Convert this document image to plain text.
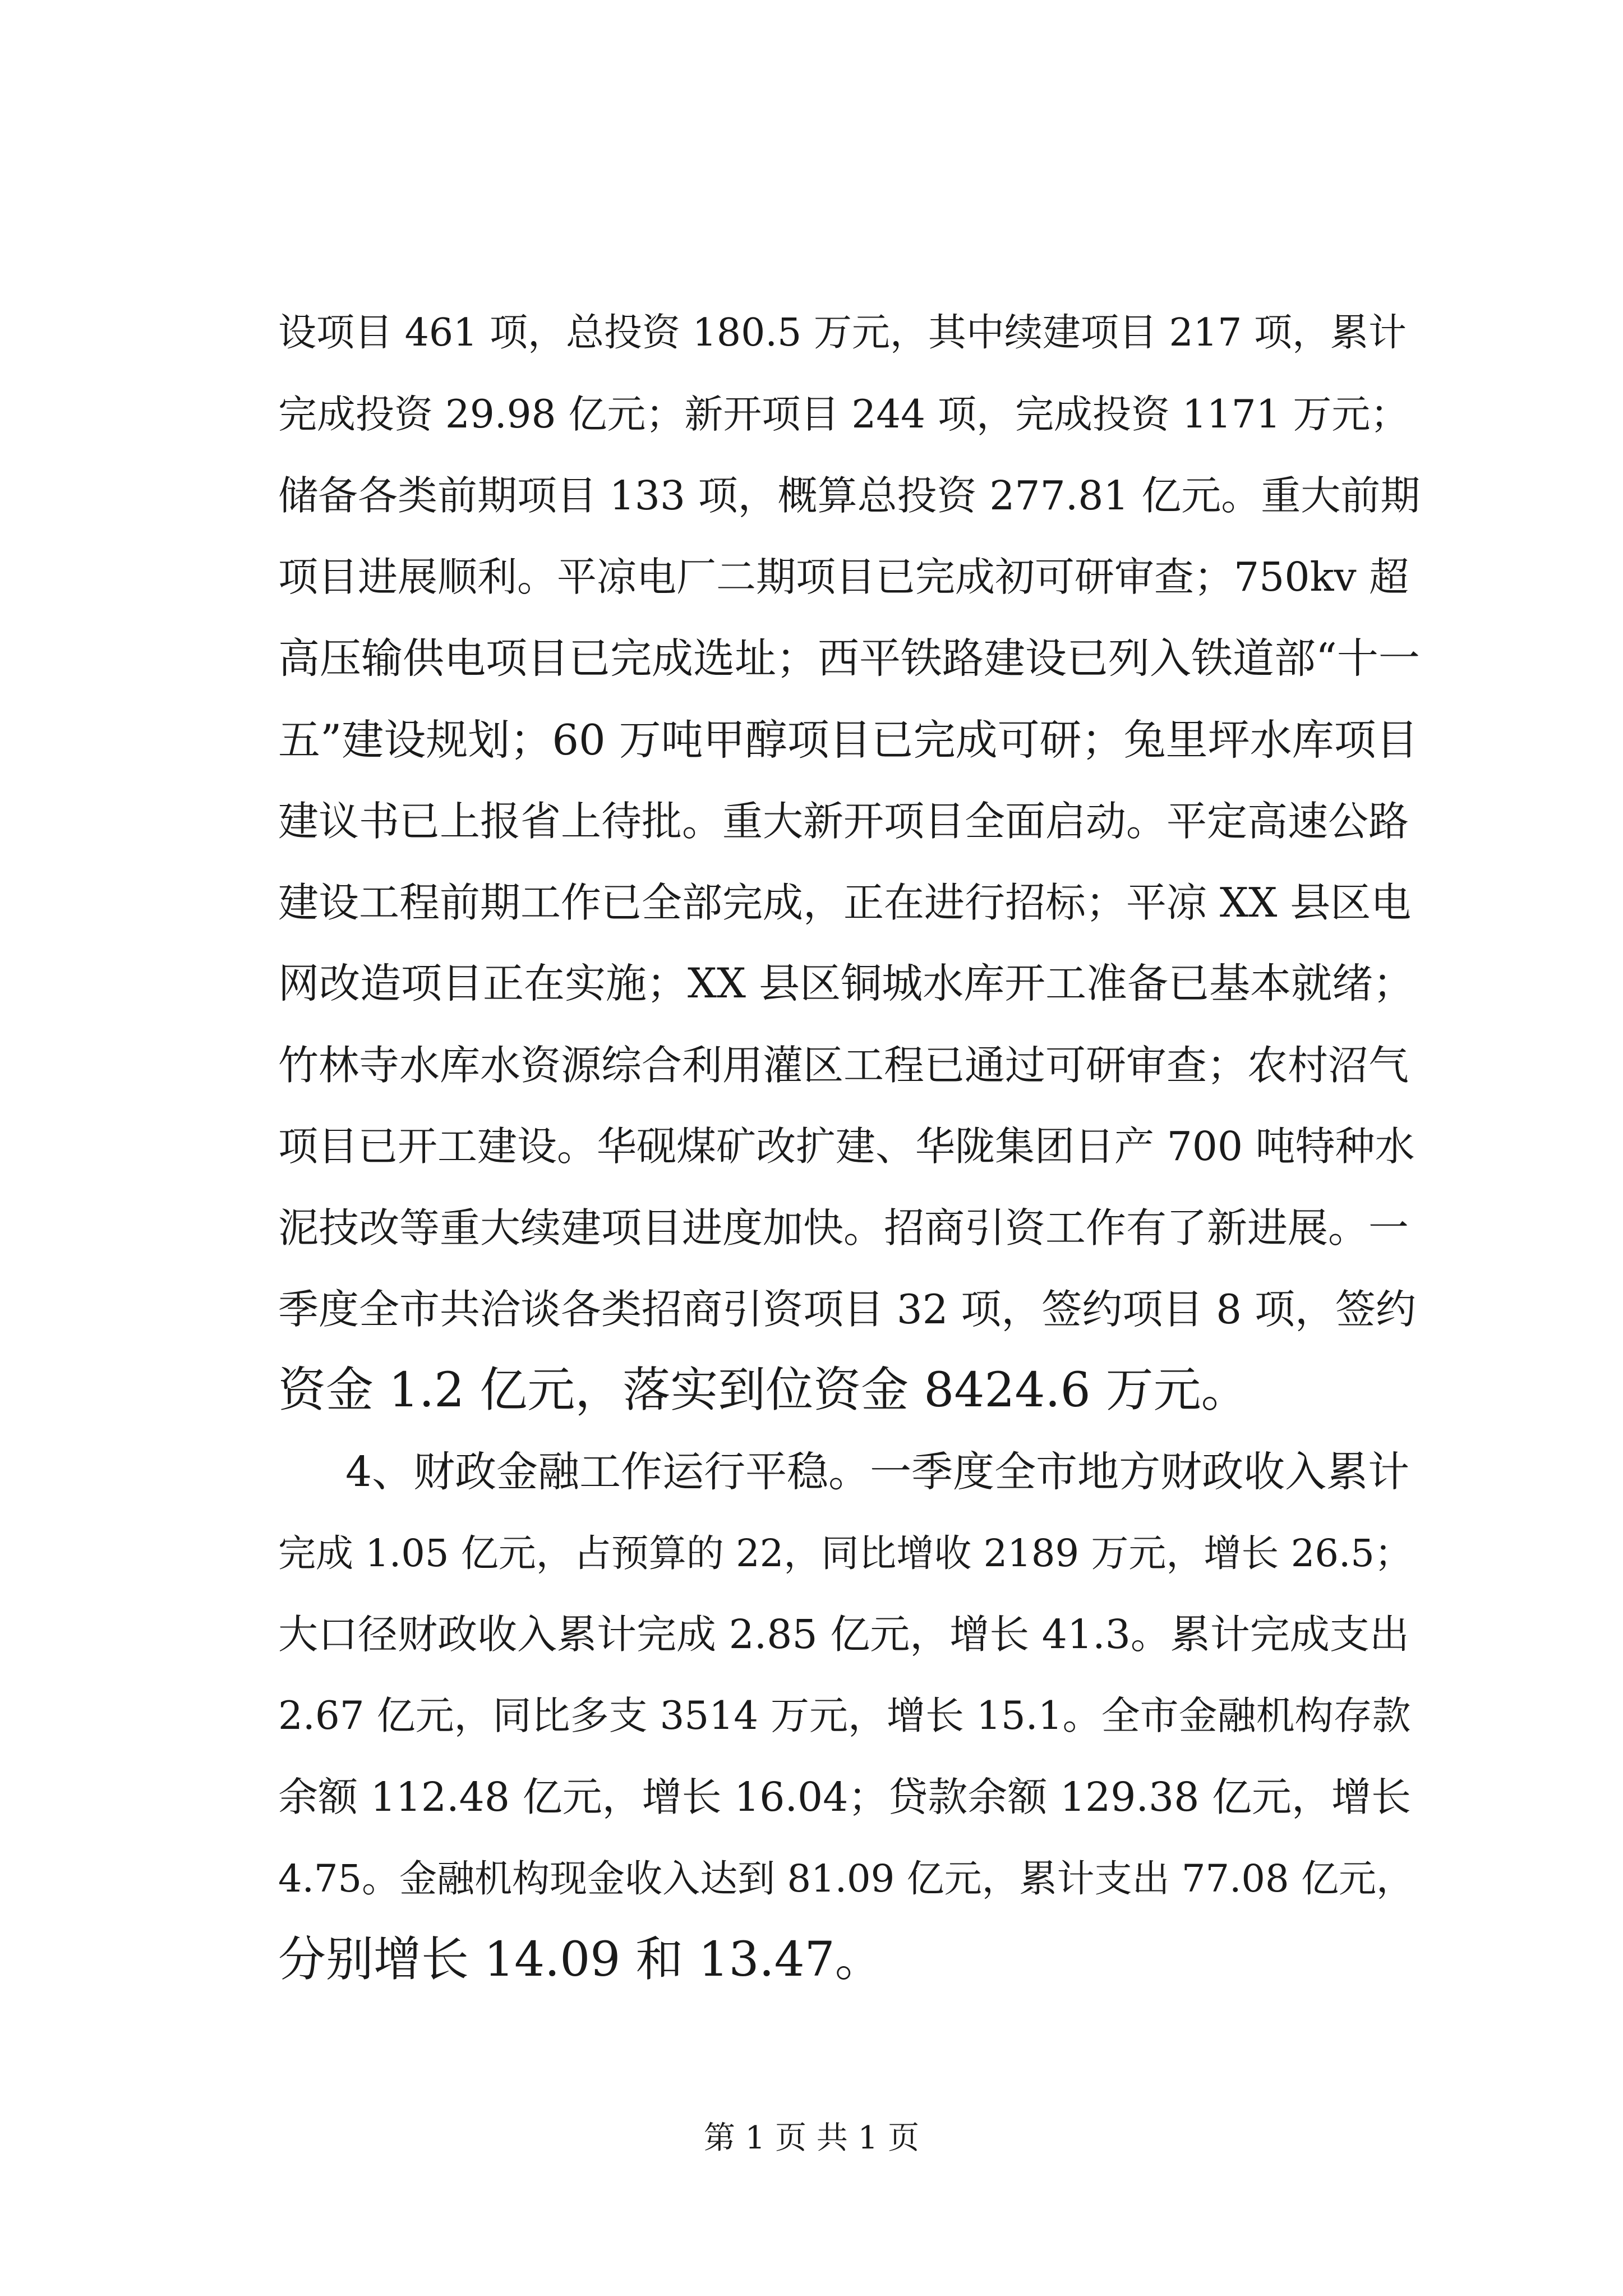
设项目 461 项，总投资 180.5 万元，其中续建项目 217 项，累计
完成投资 29.98 亿元；新开项目 244 项，完成投资 1171 万元；
储备各类前期项目 133 项，概算总投资 277.81 亿元。重大前期
项目进展顺利。平凉电厂二期项目已完成初可研审查；750kv 超
高压输供电项目已完成选址；西平铁路建设已列入铁道部“十一
五”建设规划；60 万吨甲醇项目已完成可研；兔里坪水库项目
建议书已上报省上待批。重大新开项目全面启动。平定高速公路
建设工程前期工作已全部完成，正在进行招标；平凉 XX 县区电
网改造项目正在实施；XX 县区铜城水库开工准备已基本就绪；
竹林寺水库水资源综合利用灌区工程已通过可研审查；农村沼气
项目已开工建设。华砚煤矿改扩建、华陇集团日产 700 吨特种水
泥技改等重大续建项目进度加快。招商引资工作有了新进展。一
季度全市共洽谈各类招商引资项目 32 项，签约项目 8 项，签约
资金 1.2 亿元，落实到位资金 8424.6 万元。
4、财政金融工作运行平稳。一季度全市地方财政收入累计
完成 1.05 亿元，占预算的 22，同比增收 2189 万元，增长 26.5；
大口径财政收入累计完成 2.85 亿元，增长 41.3。累计完成支出
2.67 亿元，同比多支 3514 万元，增长 15.1。全市金融机构存款
余额 112.48 亿元，增长 16.04；贷款余额 129.38 亿元，增长
4.75。金融机构现金收入达到 81.09 亿元，累计支出 77.08 亿元，
分别增长 14.09 和 13.47。
第 1 页 共 1 页
